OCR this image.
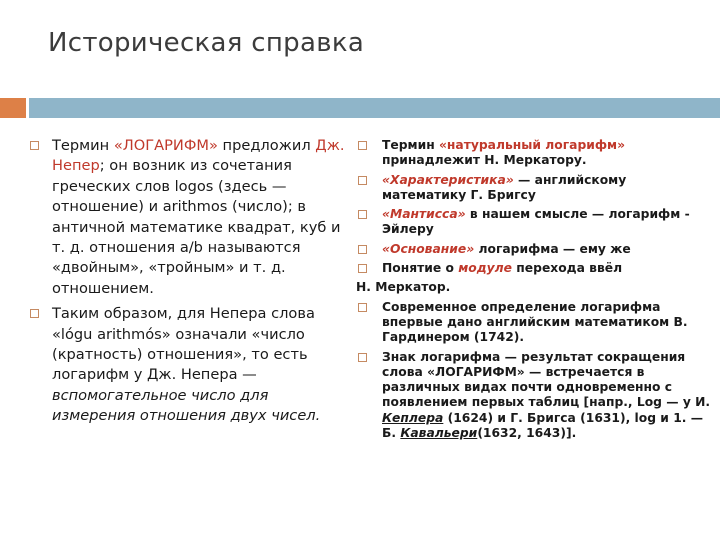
Историческая справка
Термин «ЛОГАРИФМ» предложил Дж. Непер; он возник из сочетания греческих слов logos (здесь — отношение) и arithmos (число); в античной математике квадрат, куб и т. д. отношения a/b называются «двойным», «тройным» и т. д. отношением.
Таким образом, для Непера слова «lógu arithmós» означали «число (кратность) отношения», то есть логарифм у Дж. Непера — вспомогательное число для измерения отношения двух чисел.
Термин «натуральный логарифм» принадлежит Н. Меркатору.
«Характеристика» — английскому математику Г. Бригсу
«Мантисса» в нашем смысле — логарифм - Эйлеру
«Основание» логарифма — ему же
Понятие о модуле перехода ввёл
Н. Меркатор.
Современное определение логарифма впервые дано английским математиком В. Гардинером (1742).
Знак логарифма — результат сокращения слова «ЛОГАРИФМ» — встречается в различных видах почти одновременно с появлением первых таблиц [напр., Log — у И. Кеплера (1624) и Г. Бригса (1631), log и 1. — Б. Кавальери(1632, 1643)].
